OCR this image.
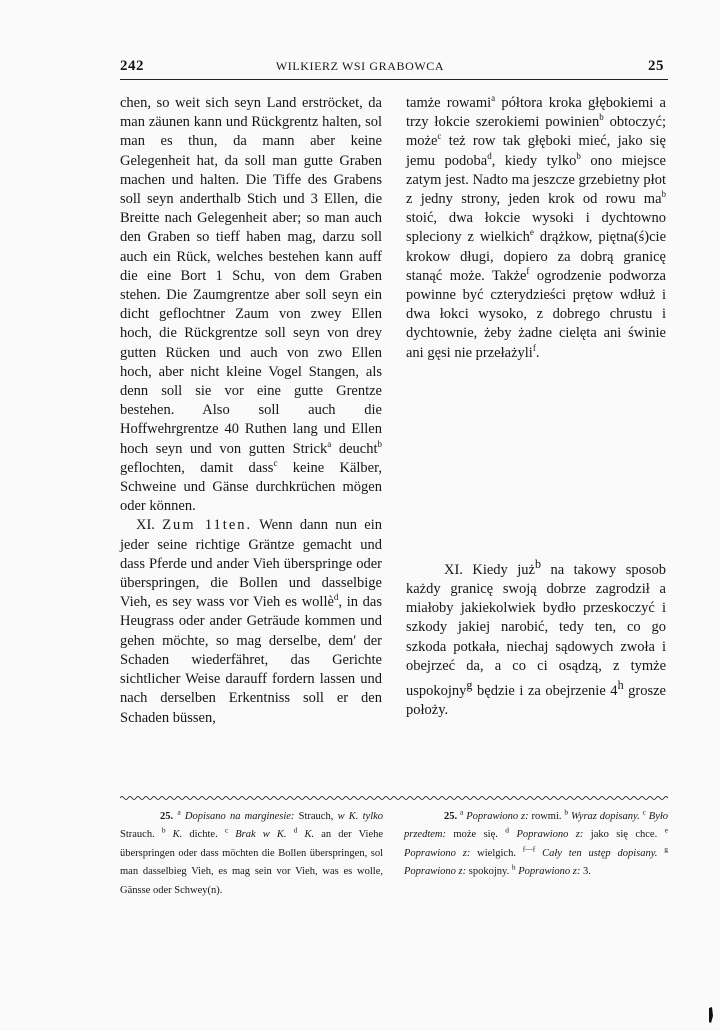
242	WILKIERZ WSI GRABOWCA	25

chen, so weit sich seyn Land erströcket, da man zäunen kann und Rückgrentz halten, sol man es thun, da mann aber keine Gelegenheit hat, da soll man gutte Graben machen und halten. Die Tiffe des Grabens soll seyn anderthalb Stich und 3 Ellen, die Breitte nach Gelegenheit aber; so man auch den Graben so tieff haben mag, darzu soll auch ein Rück, welches bestehen kann auff die eine Bort 1 Schu, von dem Graben stehen. Die Zaumgrentze aber soll seyn ein dicht geflochtner Zaum von zwey Ellen hoch, die Rückgrentze soll seyn von drey gutten Rücken und auch von zwo Ellen hoch, aber nicht kleine Vogel Stangen, als denn soll sie vor eine gutte Grentze bestehen. Also soll auch die Hoffwehrgrentze 40 Ruthen lang und Ellen hoch seyn und von gutten Strick$^a$ deucht$^b$ geflochten, damit dass$^c$ keine Kälber, Schweine und Gänse durchkrüchen mögen oder können.

XI. Zum 11ten. Wenn dann nun ein jeder seine richtige Gräntze gemacht und dass Pferde und ander Vieh überspringe oder überspringen, die Bollen und dasselbige Vieh, es sey wass vor Vieh es wollè$^d$, in das Heugrass oder ander Geträude kommen und gehen möchte, so mag derselbe, dem' der Schaden wiederfähret, das Gerichte sichtlicher Weise darauff fordern lassen und nach derselben Erkentniss soll er den Schaden büssen,

tamże rowami$^a$ półtora kroka głębokiemi a trzy łokcie szerokiemi powinien$^b$ obtoczyć; może$^c$ też row tak głęboki mieć, jako się jemu podoba$^d$, kiedy tylko$^b$ ono miejsce zatym jest. Nadto ma jeszcze grzebietny płot z jedny strony, jeden krok od rowu $ma^b$ stoić, dwa łokcie wysoki i dychtowno spleciony z wielkich$^e$ drążkow, piętna(ś)cie krokow długi, dopiero za dobrą granicę stanąć może. Także$^f$ ogrodzenie podworza powinne być czterydzieści prętow wdłuż i dwa łokci wysoko, z dobrego chrustu i dychtownie, żeby żadne cielęta ani świnie ani gęsi nie przełażyli$^f$.

XI. Kiedy już$^b$ na takowy sposob każdy granicę swoją dobrze zagrodził a miałoby jakiekolwiek bydło przeskoczyć i szkody jakiej narobić, tedy ten, co go szkoda potkała, niechaj sądowych zwoła i obejrzeć da, a co ci osądzą, z tymże uspokojny$^g$ będzie i za obejrzenie 4$^h$ grosze położy.
25. $^a$ Dopisano na marginesie: Strauch, w K. tylko Strauch. $^b$ K. dichte. $^c$ Brak w K. $^d$ K. an der Viehe überspringen oder dass möchten die Bollen überspringen, sol man dasselbieg Vieh, es mag sein vor Vieh, was es wolle, Gänsse oder Schwey(n).
25. $^a$ Poprawiono z: rowmi. $^b$ Wyraz dopisany. $^c$ Było przedtem: może się. $^d$ Poprawiono z: jako się chce. $^e$ Poprawiono z: wielgich. $^{f—f}$ Cały ten ustęp dopisany. $^g$ Poprawiono z: spokojny. $^h$ Poprawiono z: 3.
